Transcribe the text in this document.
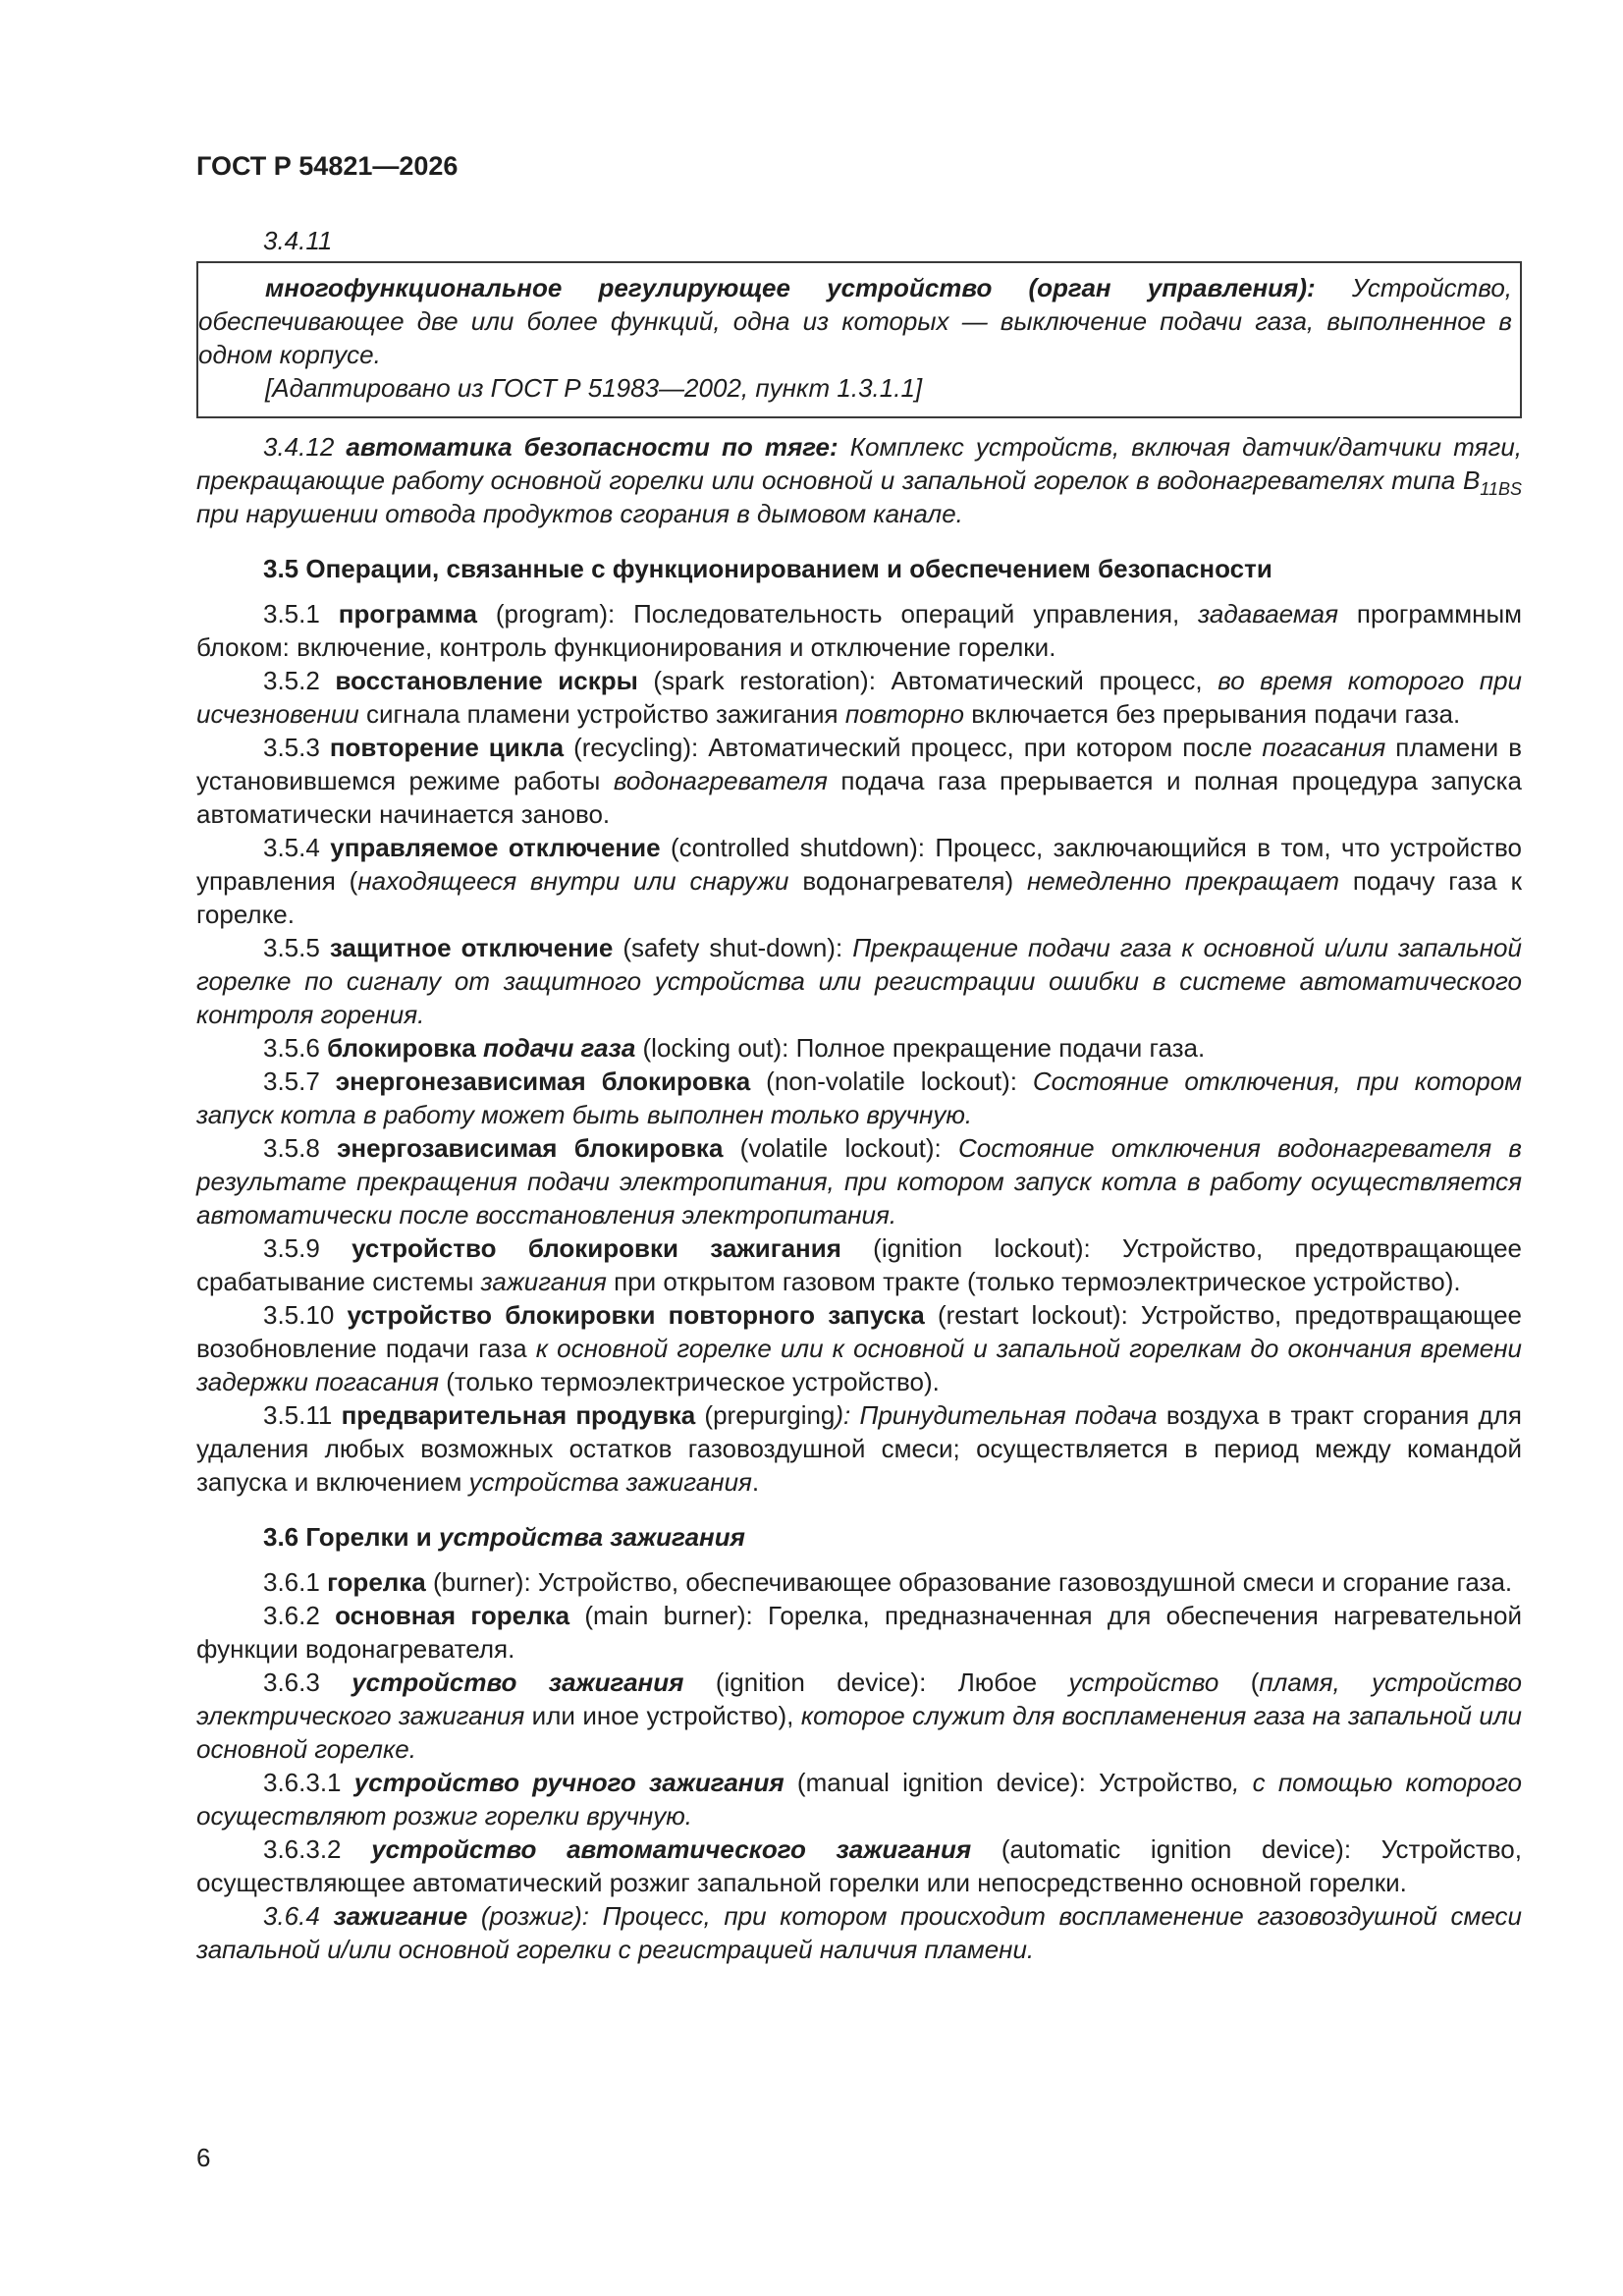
ГОСТ Р 54821—2026

3.4.11

многофункциональное регулирующее устройство (орган управления): Устройство, обеспечивающее две или более функций, одна из которых — выключение подачи газа, выполненное в одном корпусе.

[Адаптировано из ГОСТ Р 51983—2002, пункт 1.3.1.1]

3.4.12 автоматика безопасности по тяге: Комплекс устройств, включая датчик/датчики тяги, прекращающие работу основной горелки или основной и запальной горелок в водонагревателях типа $В_{11BS}$ при нарушении отвода продуктов сгорания в дымовом канале.

3.5 Операции, связанные с функционированием и обеспечением безопасности

3.5.1 программа (program): Последовательность операций управления, задаваемая программным блоком: включение, контроль функционирования и отключение горелки.

3.5.2 восстановление искры (spark restoration): Автоматический процесс, во время которого при исчезновении сигнала пламени устройство зажигания повторно включается без прерывания подачи газа.

3.5.3 повторение цикла (recycling): Автоматический процесс, при котором после погасания пламени в установившемся режиме работы водонагревателя подача газа прерывается и полная процедура запуска автоматически начинается заново.

3.5.4 управляемое отключение (controlled shutdown): Процесс, заключающийся в том, что устройство управления (находящееся внутри или снаружи водонагревателя) немедленно прекращает подачу газа к горелке.

3.5.5 защитное отключение (safety shut-down): Прекращение подачи газа к основной и/или запальной горелке по сигналу от защитного устройства или регистрации ошибки в системе автоматического контроля горения.

3.5.6 блокировка подачи газа (locking out): Полное прекращение подачи газа.

3.5.7 энергонезависимая блокировка (non-volatile lockout): Состояние отключения, при котором запуск котла в работу может быть выполнен только вручную.

3.5.8 энергозависимая блокировка (volatile lockout): Состояние отключения водонагревателя в результате прекращения подачи электропитания, при котором запуск котла в работу осуществляется автоматически после восстановления электропитания.

3.5.9 устройство блокировки зажигания (ignition lockout): Устройство, предотвращающее срабатывание системы зажигания при открытом газовом тракте (только термоэлектрическое устройство).

3.5.10 устройство блокировки повторного запуска (restart lockout): Устройство, предотвращающее возобновление подачи газа к основной горелке или к основной и запальной горелкам до окончания времени задержки погасания (только термоэлектрическое устройство).

3.5.11 предварительная продувка (prepurging): Принудительная подача воздуха в тракт сгорания для удаления любых возможных остатков газовоздушной смеси; осуществляется в период между командой запуска и включением устройства зажигания.

3.6 Горелки и устройства зажигания

3.6.1 горелка (burner): Устройство, обеспечивающее образование газовоздушной смеси и сгорание газа.

3.6.2 основная горелка (main burner): Горелка, предназначенная для обеспечения нагревательной функции водонагревателя.

3.6.3 устройство зажигания (ignition device): Любое устройство (пламя, устройство электрического зажигания или иное устройство), которое служит для воспламенения газа на запальной или основной горелке.

3.6.3.1 устройство ручного зажигания (manual ignition device): Устройство, с помощью которого осуществляют розжиг горелки вручную.

3.6.3.2 устройство автоматического зажигания (automatic ignition device): Устройство, осуществляющее автоматический розжиг запальной горелки или непосредственно основной горелки.

3.6.4 зажигание (розжиг): Процесс, при котором происходит воспламенение газовоздушной смеси запальной и/или основной горелки с регистрацией наличия пламени.

6
